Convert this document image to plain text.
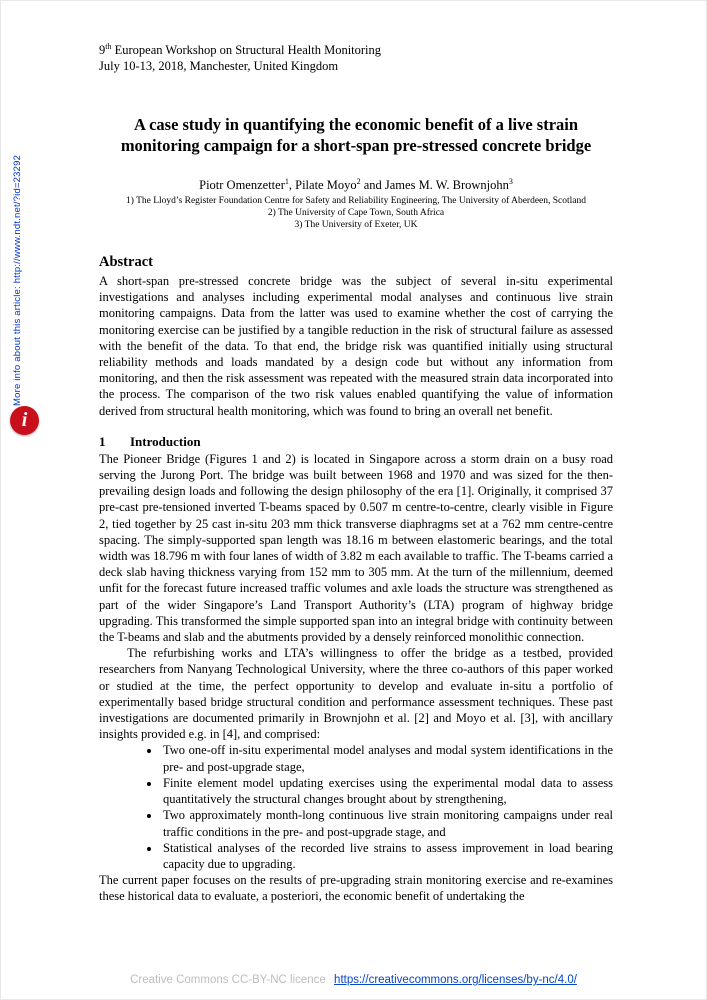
More info about this article: http://www.ndt.net/?id=23292
i
9th European Workshop on Structural Health Monitoring
July 10-13, 2018, Manchester, United Kingdom
A case study in quantifying the economic benefit of a live strain monitoring campaign for a short-span pre-stressed concrete bridge
Piotr Omenzetter$^1$, Pilate Moyo$^2$ and James M. W. Brownjohn$^3$
1) The Lloyd’s Register Foundation Centre for Safety and Reliability Engineering, The University of Aberdeen, Scotland
2) The University of Cape Town, South Africa
3) The University of Exeter, UK
Abstract

A short-span pre-stressed concrete bridge was the subject of several in-situ experimental investigations and analyses including experimental modal analyses and continuous live strain monitoring campaigns. Data from the latter was used to examine whether the cost of carrying the monitoring exercise can be justified by a tangible reduction in the risk of structural failure as assessed with the benefit of the data. To that end, the bridge risk was quantified initially using structural reliability methods and loads mandated by a design code but without any information from monitoring, and then the risk assessment was repeated with the measured strain data incorporated into the process. The comparison of the two risk values enabled quantifying the value of information derived from structural health monitoring, which was found to bring an overall net benefit.

1 Introduction

The Pioneer Bridge (Figures 1 and 2) is located in Singapore across a storm drain on a busy road serving the Jurong Port. The bridge was built between 1968 and 1970 and was sized for the then-prevailing design loads and following the design philosophy of the era [1]. Originally, it comprised 37 pre-cast pre-tensioned inverted T-beams spaced by 0.507 m centre-to-centre, clearly visible in Figure 2, tied together by 25 cast in-situ 203 mm thick transverse diaphragms set at a 762 mm centre-centre spacing. The simply-supported span length was 18.16 m between elastomeric bearings, and the total width was 18.796 m with four lanes of width of 3.82 m each available to traffic. The T-beams carried a deck slab having thickness varying from 152 mm to 305 mm. At the turn of the millennium, deemed unfit for the forecast future increased traffic volumes and axle loads the structure was strengthened as part of the wider Singapore’s Land Transport Authority’s (LTA) program of highway bridge upgrading. This transformed the simple supported span into an integral bridge with continuity between the T-beams and slab and the abutments provided by a densely reinforced monolithic connection.

The refurbishing works and LTA’s willingness to offer the bridge as a testbed, provided researchers from Nanyang Technological University, where the three co-authors of this paper worked or studied at the time, the perfect opportunity to develop and evaluate in-situ a portfolio of experimentally based bridge structural condition and performance assessment techniques. These past investigations are documented primarily in Brownjohn et al. [2] and Moyo et al. [3], with ancillary insights provided e.g. in [4], and comprised:

• Two one-off in-situ experimental model analyses and modal system identifications in the pre- and post-upgrade stage,
• Finite element model updating exercises using the experimental modal data to assess quantitatively the structural changes brought about by strengthening,
• Two approximately month-long continuous live strain monitoring campaigns under real traffic conditions in the pre- and post-upgrade stage, and
• Statistical analyses of the recorded live strains to assess improvement in load bearing capacity due to upgrading.

The current paper focuses on the results of pre-upgrading strain monitoring exercise and re-examines these historical data to evaluate, a posteriori, the economic benefit of undertaking the

Creative Commons CC-BY-NC licence https://creativecommons.org/licenses/by-nc/4.0/
